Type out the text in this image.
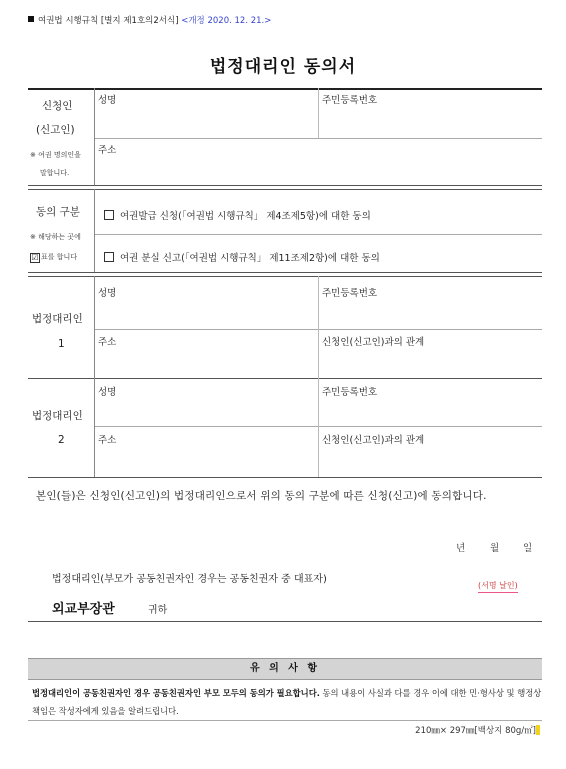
여권법 시행규칙 [별지 제1호의2서식] <개정 2020. 12. 21.>
법정대리인 동의서
신청인
(신고인)
※ 여권 명의인을
말합니다.
성명	주민등록번호
주소
동의 구분
※ 해당하는 곳에
☑ 표를 합니다
여권발급 신청(「여권법 시행규칙」 제4조제5항)에 대한 동의
여권 분실 신고(「여권법 시행규칙」 제11조제2항)에 대한 동의
법정대리인
1
성명	주민등록번호
주소	신청인(신고인)과의 관계
법정대리인
2
성명	주민등록번호
주소	신청인(신고인)과의 관계
본인(들)은 신청인(신고인)의 법정대리인으로서 위의 동의 구분에 따른 신청(신고)에 동의합니다.
년	월	일
법정대리인(부모가 공동친권자인 경우는 공동친권자 중 대표자)
(서명 날인)
외교부장관	귀하
유 의 사 항
법정대리인이 공동친권자인 경우 공동친권자인 부모 모두의 동의가 필요합니다. 동의 내용이 사실과 다를 경우 이에 대한 민·형사상 및 행정상 책임은 작성자에게 있음을 알려드립니다.
210㎜× 297㎜[백상지 80g/㎡]
